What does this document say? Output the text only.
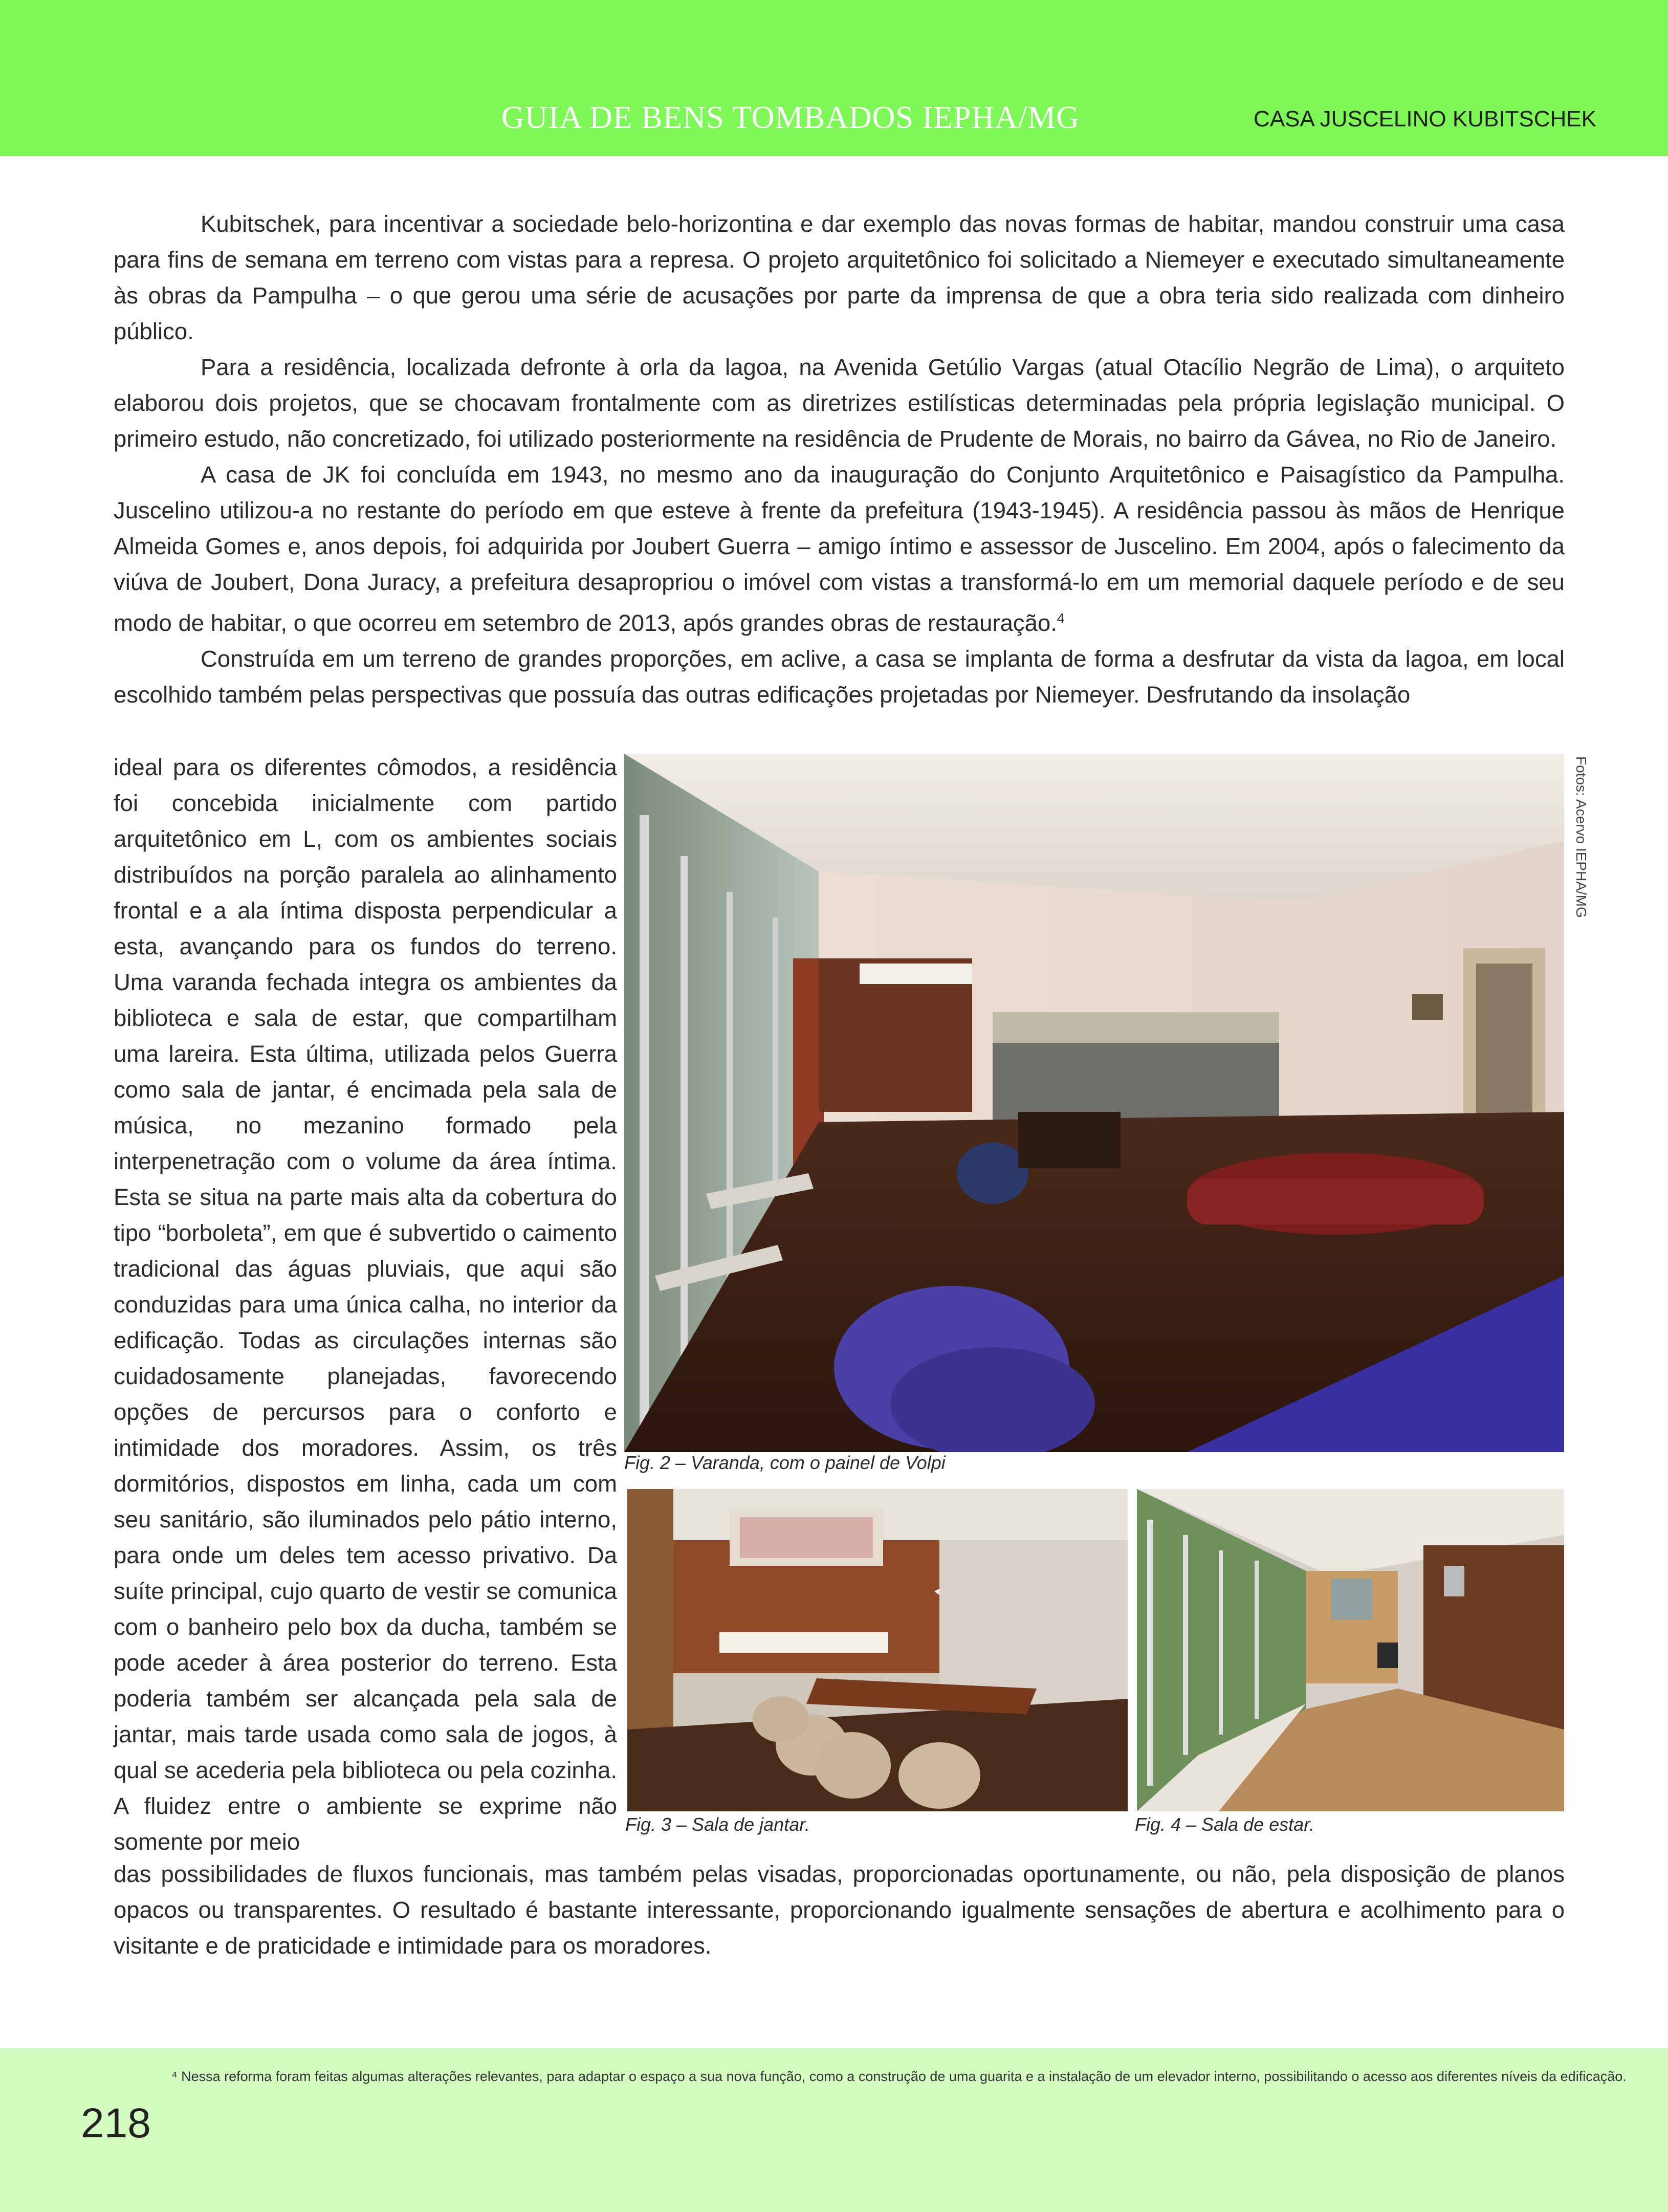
GUIA DE BENS TOMBADOS IEPHA/MG	CASA JUSCELINO KUBITSCHEK

Kubitschek, para incentivar a sociedade belo-horizontina e dar exemplo das novas formas de habitar, mandou construir uma casa para fins de semana em terreno com vistas para a represa. O projeto arquitetônico foi solicitado a Niemeyer e executado simultaneamente às obras da Pampulha – o que gerou uma série de acusações por parte da imprensa de que a obra teria sido realizada com dinheiro público.

Para a residência, localizada defronte à orla da lagoa, na Avenida Getúlio Vargas (atual Otacílio Negrão de Lima), o arquiteto elaborou dois projetos, que se chocavam frontalmente com as diretrizes estilísticas determinadas pela própria legislação municipal. O primeiro estudo, não concretizado, foi utilizado posteriormente na residência de Prudente de Morais, no bairro da Gávea, no Rio de Janeiro.

A casa de JK foi concluída em 1943, no mesmo ano da inauguração do Conjunto Arquitetônico e Paisagístico da Pampulha. Juscelino utilizou-a no restante do período em que esteve à frente da prefeitura (1943-1945). A residência passou às mãos de Henrique Almeida Gomes e, anos depois, foi adquirida por Joubert Guerra – amigo íntimo e assessor de Juscelino. Em 2004, após o falecimento da viúva de Joubert, Dona Juracy, a prefeitura desapropriou o imóvel com vistas a transformá-lo em um memorial daquele período e de seu modo de habitar, o que ocorreu em setembro de 2013, após grandes obras de restauração.$^4$

Construída em um terreno de grandes proporções, em aclive, a casa se implanta de forma a desfrutar da vista da lagoa, em local escolhido também pelas perspectivas que possuía das outras edificações projetadas por Niemeyer. Desfrutando da insolação

ideal para os diferentes cômodos, a residência foi concebida inicialmente com partido arquitetônico em L, com os ambientes sociais distribuídos na porção paralela ao alinhamento frontal e a ala íntima disposta perpendicular a esta, avançando para os fundos do terreno. Uma varanda fechada integra os ambientes da biblioteca e sala de estar, que compartilham uma lareira. Esta última, utilizada pelos Guerra como sala de jantar, é encimada pela sala de música, no mezanino formado pela interpenetração com o volume da área íntima. Esta se situa na parte mais alta da cobertura do tipo “borboleta”, em que é subvertido o caimento tradicional das águas pluviais, que aqui são conduzidas para uma única calha, no interior da edificação. Todas as circulações internas são cuidadosamente planejadas, favorecendo opções de percursos para o conforto e intimidade dos moradores. Assim, os três dormitórios, dispostos em linha, cada um com seu sanitário, são iluminados pelo pátio interno, para onde um deles tem acesso privativo. Da suíte principal, cujo quarto de vestir se comunica com o banheiro pelo box da ducha, também se pode aceder à área posterior do terreno. Esta poderia também ser alcançada pela sala de jantar, mais tarde usada como sala de jogos, à qual se acederia pela biblioteca ou pela cozinha. A fluidez entre o ambiente se exprime não somente por meio

das possibilidades de fluxos funcionais, mas também pelas visadas, proporcionadas oportunamente, ou não, pela disposição de planos opacos ou transparentes. O resultado é bastante interessante, proporcionando igualmente sensações de abertura e acolhimento para o visitante e de praticidade e intimidade para os moradores.

Fotos: Acervo IEPHA/MG
Fig. 2 – Varanda, com o painel de Volpi
Fig. 3 – Sala de jantar.	Fig. 4 – Sala de estar.
⁴ Nessa reforma foram feitas algumas alterações relevantes, para adaptar o espaço a sua nova função, como a construção de uma guarita e a instalação de um elevador interno, possibilitando o acesso aos diferentes níveis da edificação.
218
